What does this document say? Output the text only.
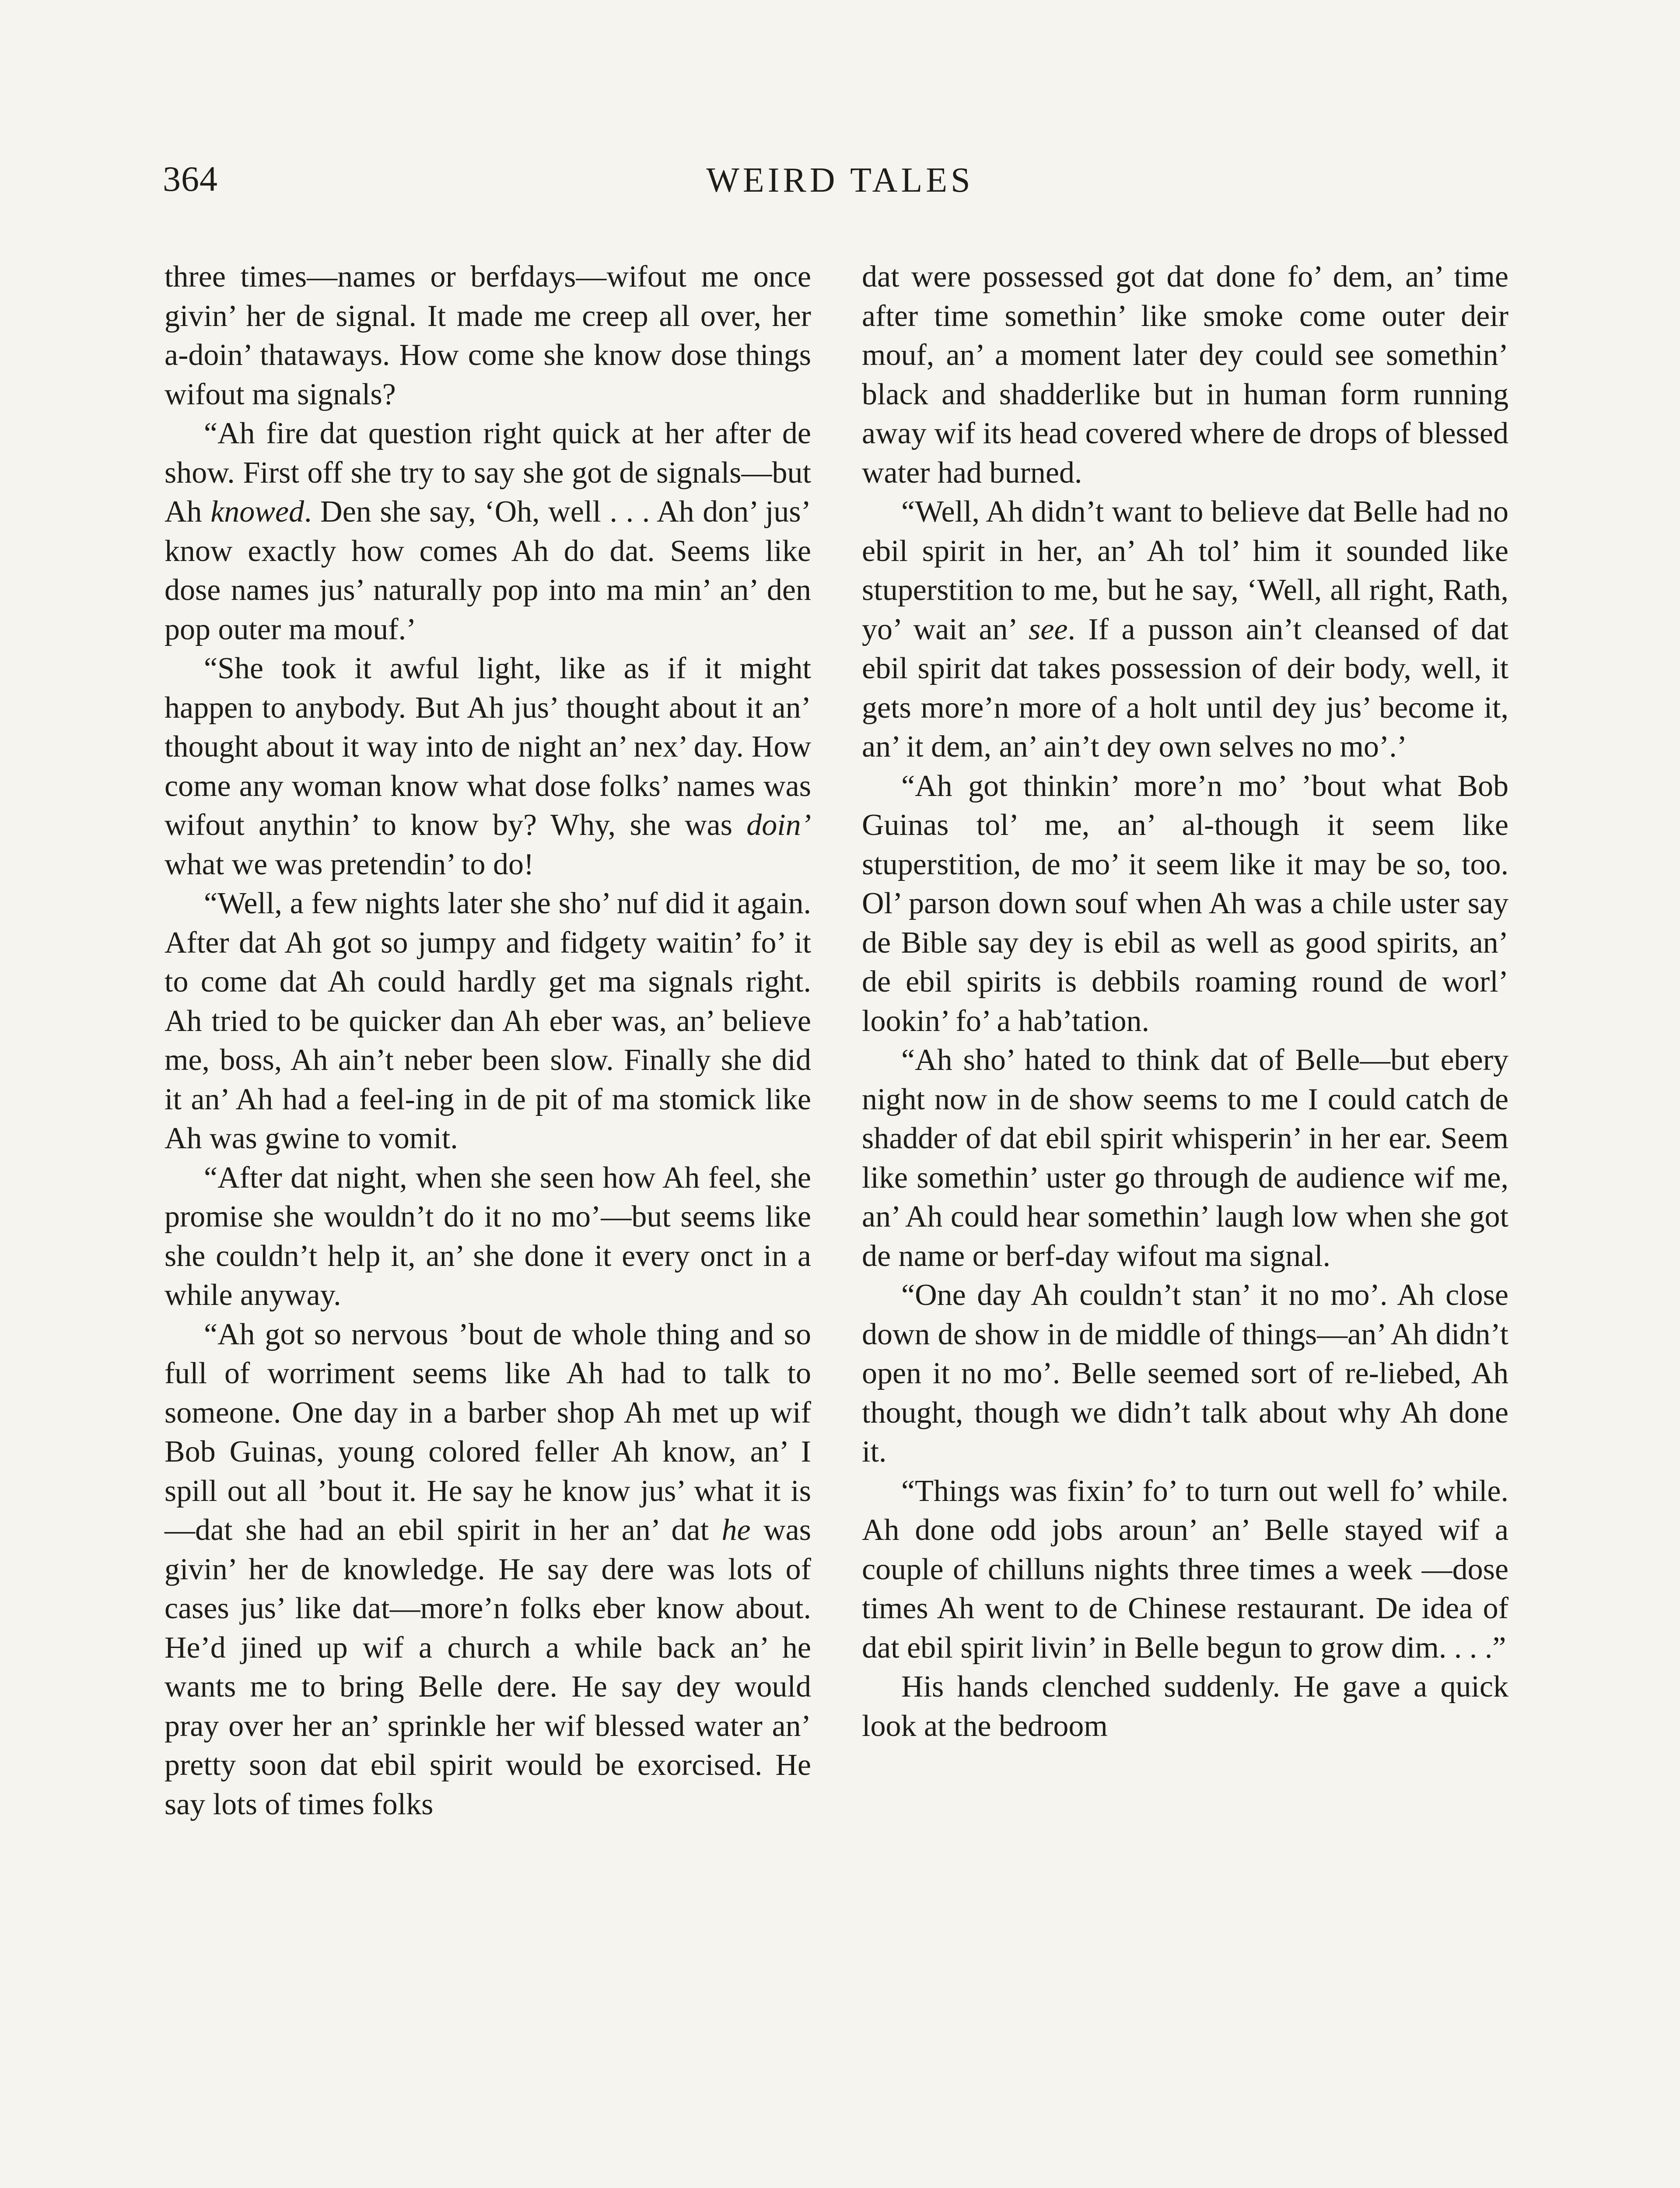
364	WEIRD TALES

three times—names or berfdays—wifout me once givin’ her de signal. It made me creep all over, her a-doin’ thataways. How come she know dose things wifout ma signals?

“Ah fire dat question right quick at her after de show. First off she try to say she got de signals—but Ah knowed. Den she say, ‘Oh, well . . . Ah don’ jus’ know exactly how comes Ah do dat. Seems like dose names jus’ naturally pop into ma min’ an’ den pop outer ma mouf.’

“She took it awful light, like as if it might happen to anybody. But Ah jus’ thought about it an’ thought about it way into de night an’ nex’ day. How come any woman know what dose folks’ names was wifout anythin’ to know by? Why, she was doin’ what we was pretendin’ to do!

“Well, a few nights later she sho’ nuf did it again. After dat Ah got so jumpy and fidgety waitin’ fo’ it to come dat Ah could hardly get ma signals right. Ah tried to be quicker dan Ah eber was, an’ believe me, boss, Ah ain’t neber been slow. Finally she did it an’ Ah had a feel-ing in de pit of ma stomick like Ah was gwine to vomit.

“After dat night, when she seen how Ah feel, she promise she wouldn’t do it no mo’—but seems like she couldn’t help it, an’ she done it every onct in a while anyway.

“Ah got so nervous ’bout de whole thing and so full of worriment seems like Ah had to talk to someone. One day in a barber shop Ah met up wif Bob Guinas, young colored feller Ah know, an’ I spill out all ’bout it. He say he know jus’ what it is—dat she had an ebil spirit in her an’ dat he was givin’ her de knowledge. He say dere was lots of cases jus’ like dat—more’n folks eber know about. He’d jined up wif a church a while back an’ he wants me to bring Belle dere. He say dey would pray over her an’ sprinkle her wif blessed water an’ pretty soon dat ebil spirit would be exorcised. He say lots of times folks

dat were possessed got dat done fo’ dem, an’ time after time somethin’ like smoke come outer deir mouf, an’ a moment later dey could see somethin’ black and shadderlike but in human form running away wif its head covered where de drops of blessed water had burned.

“Well, Ah didn’t want to believe dat Belle had no ebil spirit in her, an’ Ah tol’ him it sounded like stuperstition to me, but he say, ‘Well, all right, Rath, yo’ wait an’ see. If a pusson ain’t cleansed of dat ebil spirit dat takes possession of deir body, well, it gets more’n more of a holt until dey jus’ become it, an’ it dem, an’ ain’t dey own selves no mo’.’

“Ah got thinkin’ more’n mo’ ’bout what Bob Guinas tol’ me, an’ al-though it seem like stuperstition, de mo’ it seem like it may be so, too. Ol’ parson down souf when Ah was a chile uster say de Bible say dey is ebil as well as good spirits, an’ de ebil spirits is debbils roaming round de worl’ lookin’ fo’ a hab’tation.

“Ah sho’ hated to think dat of Belle—but ebery night now in de show seems to me I could catch de shadder of dat ebil spirit whisperin’ in her ear. Seem like somethin’ uster go through de audience wif me, an’ Ah could hear somethin’ laugh low when she got de name or berf-day wifout ma signal.

“One day Ah couldn’t stan’ it no mo’. Ah close down de show in de middle of things—an’ Ah didn’t open it no mo’. Belle seemed sort of re-liebed, Ah thought, though we didn’t talk about why Ah done it.

“Things was fixin’ fo’ to turn out well fo’ while. Ah done odd jobs aroun’ an’ Belle stayed wif a couple of chilluns nights three times a week —dose times Ah went to de Chinese restaurant. De idea of dat ebil spirit livin’ in Belle begun to grow dim. . . .”

His hands clenched suddenly. He gave a quick look at the bedroom
